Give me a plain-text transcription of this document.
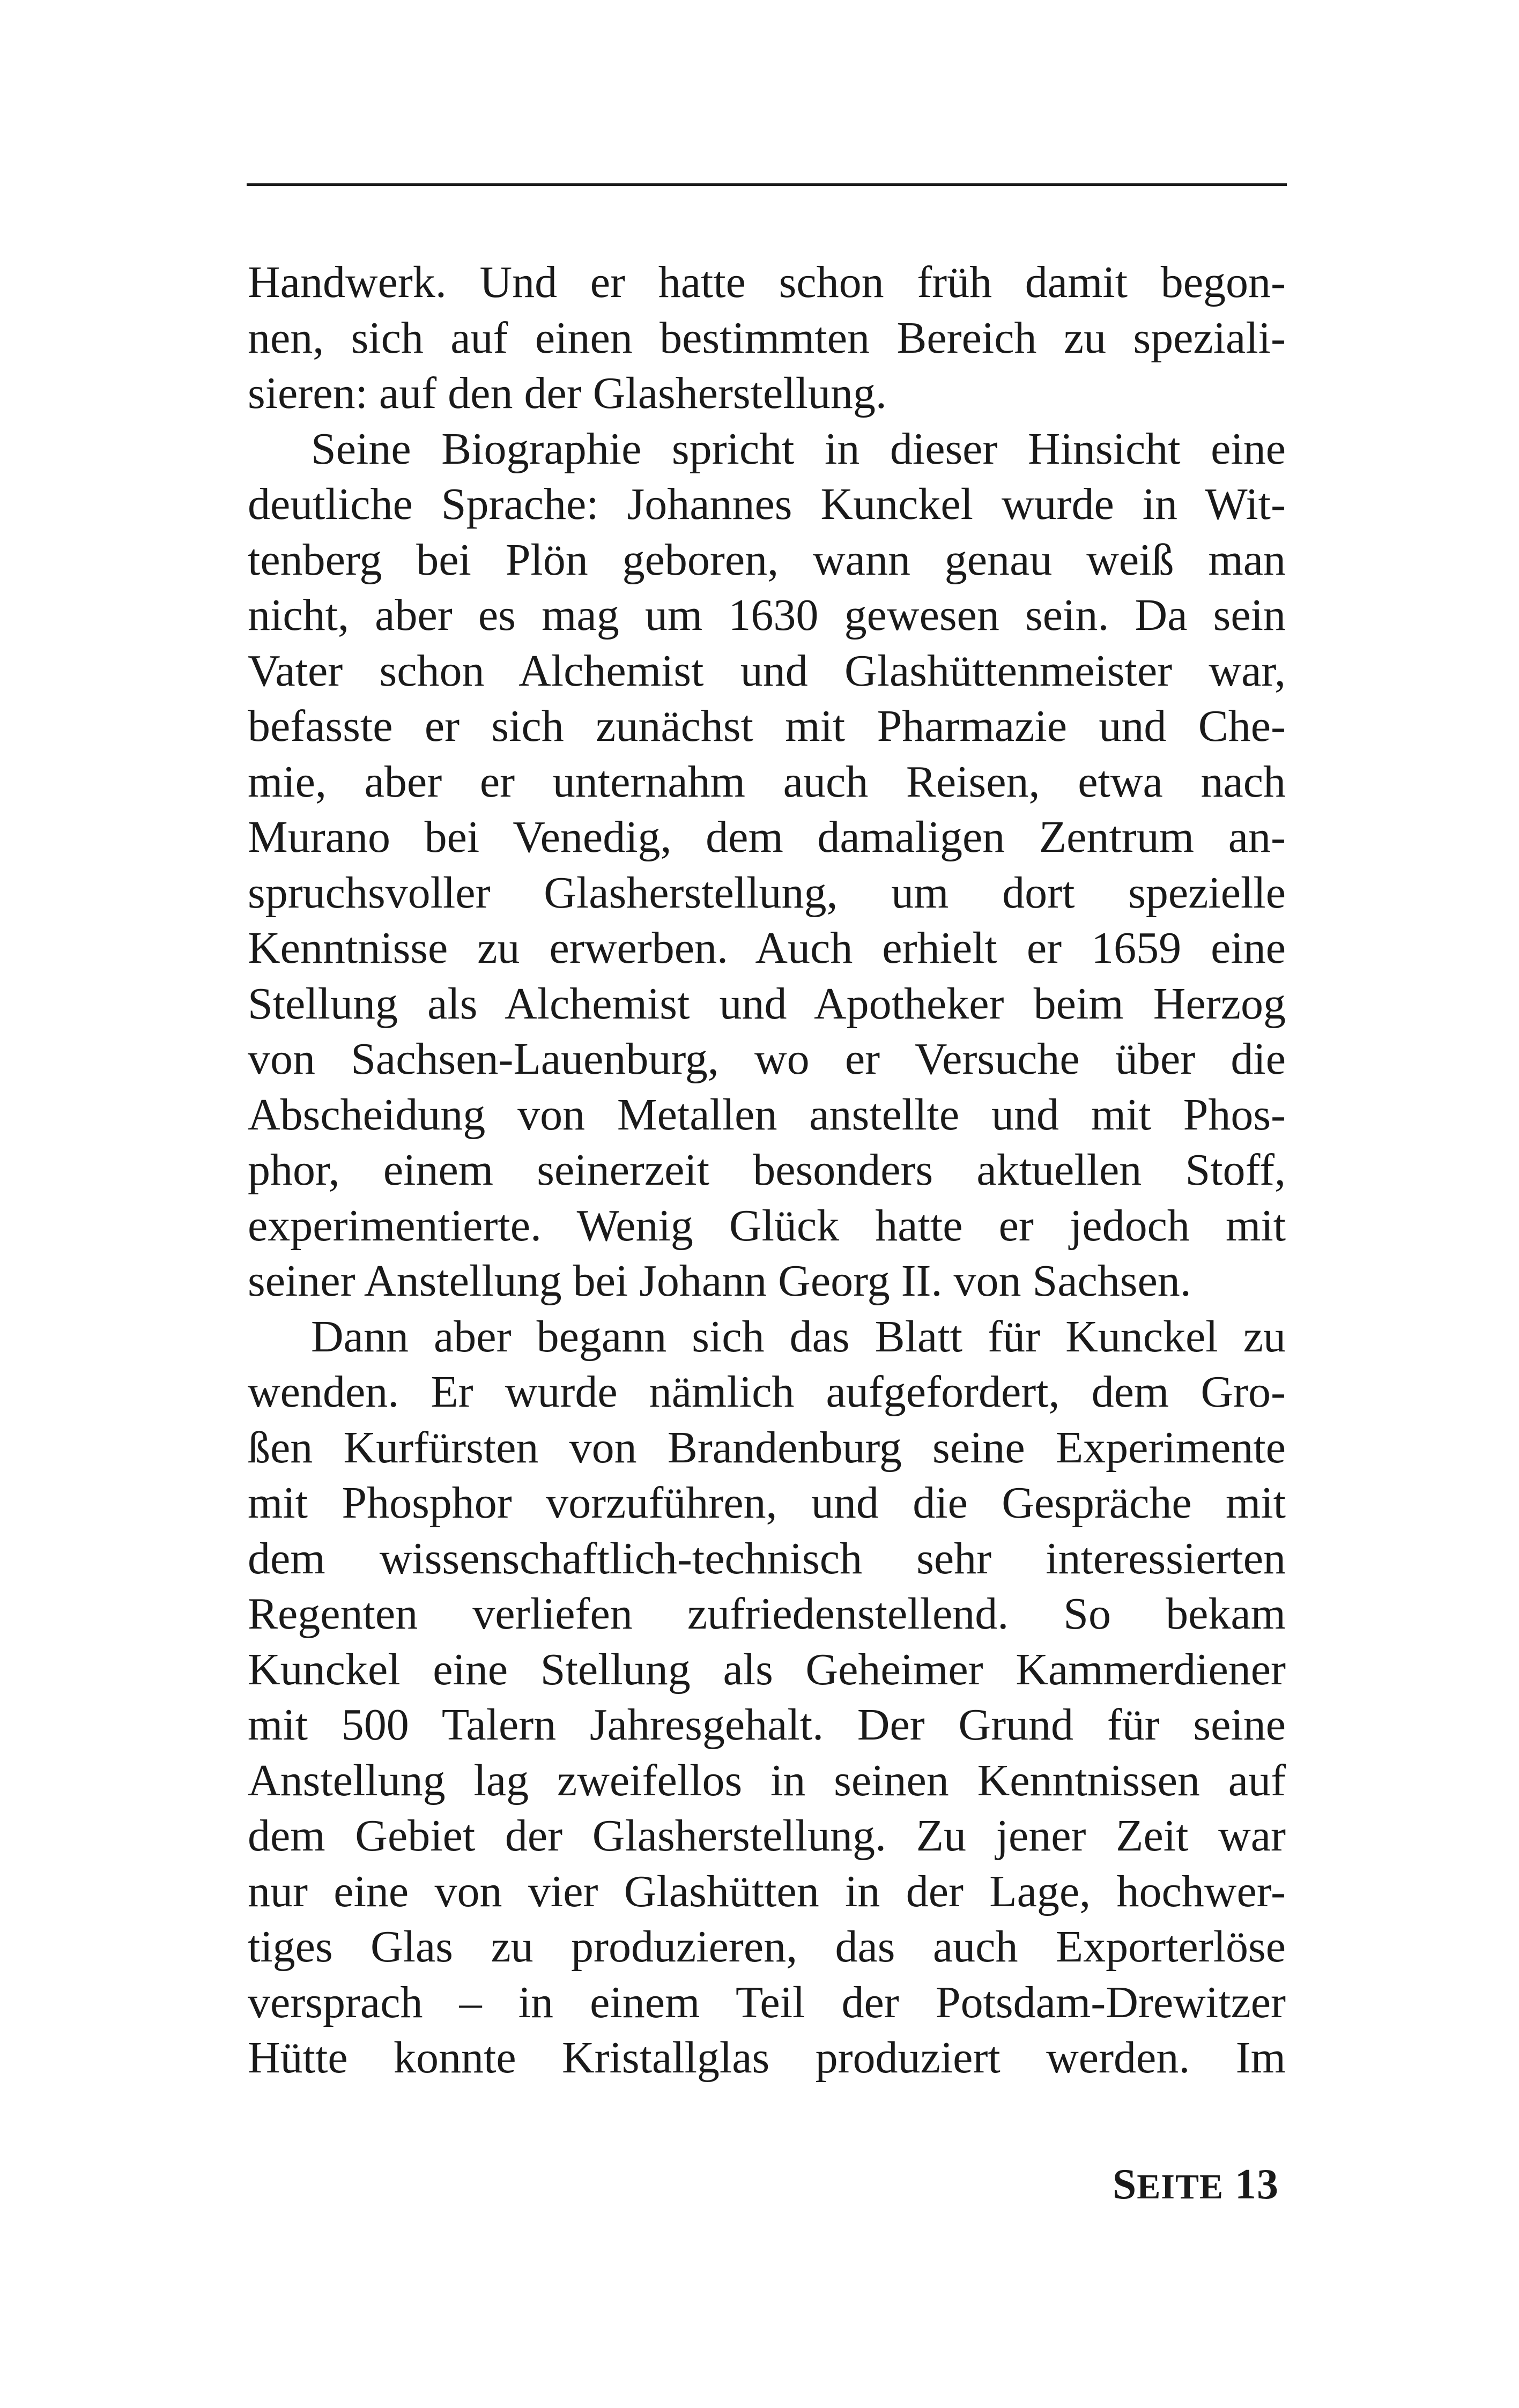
Handwerk. Und er hatte schon früh damit begon-
nen, sich auf einen bestimmten Bereich zu speziali-
sieren: auf den der Glasherstellung.
Seine Biographie spricht in dieser Hinsicht eine
deutliche Sprache: Johannes Kunckel wurde in Wit-
tenberg bei Plön geboren, wann genau weiß man
nicht, aber es mag um 1630 gewesen sein. Da sein
Vater schon Alchemist und Glashüttenmeister war,
befasste er sich zunächst mit Pharmazie und Che-
mie, aber er unternahm auch Reisen, etwa nach
Murano bei Venedig, dem damaligen Zentrum an-
spruchsvoller Glasherstellung, um dort spezielle
Kenntnisse zu erwerben. Auch erhielt er 1659 eine
Stellung als Alchemist und Apotheker beim Herzog
von Sachsen-Lauenburg, wo er Versuche über die
Abscheidung von Metallen anstellte und mit Phos-
phor, einem seinerzeit besonders aktuellen Stoff,
experimentierte. Wenig Glück hatte er jedoch mit
seiner Anstellung bei Johann Georg II. von Sachsen.
Dann aber begann sich das Blatt für Kunckel zu
wenden. Er wurde nämlich aufgefordert, dem Gro-
ßen Kurfürsten von Brandenburg seine Experimente
mit Phosphor vorzuführen, und die Gespräche mit
dem wissenschaftlich-technisch sehr interessierten
Regenten verliefen zufriedenstellend. So bekam
Kunckel eine Stellung als Geheimer Kammerdiener
mit 500 Talern Jahresgehalt. Der Grund für seine
Anstellung lag zweifellos in seinen Kenntnissen auf
dem Gebiet der Glasherstellung. Zu jener Zeit war
nur eine von vier Glashütten in der Lage, hochwer-
tiges Glas zu produzieren, das auch Exporterlöse
versprach – in einem Teil der Potsdam-Drewitzer
Hütte konnte Kristallglas produziert werden. Im
SEITE 13
